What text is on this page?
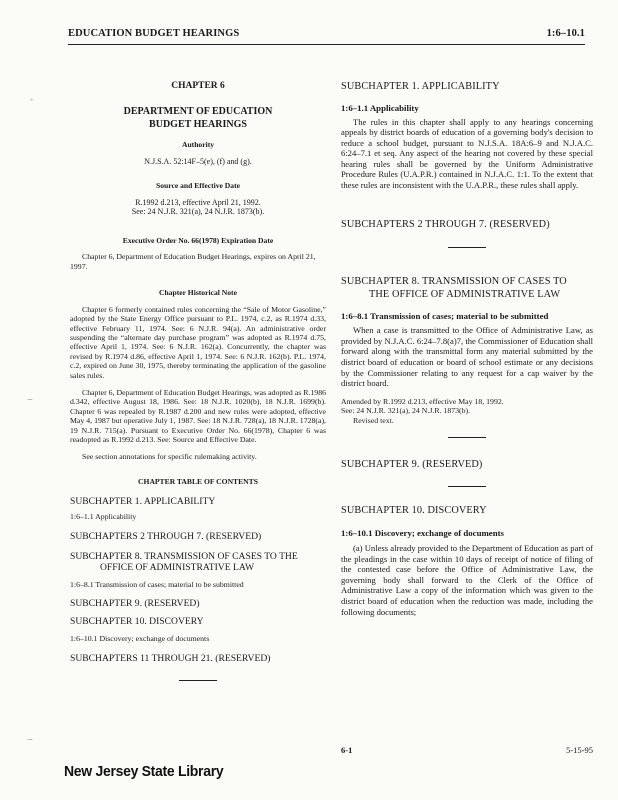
EDUCATION BUDGET HEARINGS	1:6–10.1

CHAPTER 6

DEPARTMENT OF EDUCATION
BUDGET HEARINGS

Authority

N.J.S.A. 52:14F–5(e), (f) and (g).

Source and Effective Date

R.1992 d.213, effective April 21, 1992.
See: 24 N.J.R. 321(a), 24 N.J.R. 1873(b).

Executive Order No. 66(1978) Expiration Date

Chapter 6, Department of Education Budget Hearings, expires on April 21, 1997.

Chapter Historical Note

Chapter 6 formerly contained rules concerning the “Sale of Motor Gasoline,” adopted by the State Energy Office pursuant to P.L. 1974, c.2, as R.1974 d.33, effective February 11, 1974. See: 6 N.J.R. 94(a). An administrative order suspending the “alternate day purchase program” was adopted as R.1974 d.75, effective April 1, 1974. See: 6 N.J.R. 162(a). Concurrently, the chapter was revised by R.1974 d.86, effective April 1, 1974. See: 6 N.J.R. 162(b). P.L. 1974, c.2, expired on June 30, 1975, thereby terminating the application of the gasoline sales rules.

Chapter 6, Department of Education Budget Hearings, was adopted as R.1986 d.342, effective August 18, 1986. See: 18 N.J.R. 1020(b), 18 N.J.R. 1699(b). Chapter 6 was repealed by R.1987 d.200 and new rules were adopted, effective May 4, 1987 but operative July 1, 1987. See: 18 N.J.R. 728(a), 18 N.J.R. 1728(a), 19 N.J.R. 715(a). Pursuant to Executive Order No. 66(1978), Chapter 6 was readopted as R.1992 d.213. See: Source and Effective Date.

See section annotations for specific rulemaking activity.

CHAPTER TABLE OF CONTENTS

SUBCHAPTER 1. APPLICABILITY

1:6–1.1 Applicability

SUBCHAPTERS 2 THROUGH 7. (RESERVED)

SUBCHAPTER 8. TRANSMISSION OF CASES TO THE
OFFICE OF ADMINISTRATIVE LAW

1:6–8.1 Transmission of cases; material to be submitted

SUBCHAPTER 9. (RESERVED)

SUBCHAPTER 10. DISCOVERY

1:6–10.1 Discovery; exchange of documents

SUBCHAPTERS 11 THROUGH 21. (RESERVED)

SUBCHAPTER 1. APPLICABILITY

1:6–1.1 Applicability

The rules in this chapter shall apply to any hearings concerning appeals by district boards of education of a governing body's decision to reduce a school budget, pursuant to N.J.S.A. 18A:6–9 and N.J.A.C. 6:24–7.1 et seq. Any aspect of the hearing not covered by these special hearing rules shall be governed by the Uniform Administrative Procedure Rules (U.A.P.R.) contained in N.J.A.C. 1:1. To the extent that these rules are inconsistent with the U.A.P.R., these rules shall apply.

SUBCHAPTERS 2 THROUGH 7. (RESERVED)

SUBCHAPTER 8. TRANSMISSION OF CASES TO
THE OFFICE OF ADMINISTRATIVE LAW

1:6–8.1 Transmission of cases; material to be submitted

When a case is transmitted to the Office of Administrative Law, as provided by N.J.A.C. 6:24–7.8(a)7, the Commissioner of Education shall forward along with the transmittal form any material submitted by the district board of education or board of school estimate or any decisions by the Commissioner relating to any request for a cap waiver by the district board.

Amended by R.1992 d.213, effective May 18, 1992.
See: 24 N.J.R. 321(a), 24 N.J.R. 1873(b).
Revised text.

SUBCHAPTER 9. (RESERVED)

SUBCHAPTER 10. DISCOVERY

1:6–10.1 Discovery; exchange of documents

(a) Unless already provided to the Department of Education as part of the pleadings in the case within 10 days of receipt of notice of filing of the contested case before the Office of Administrative Law, the governing body shall forward to the Clerk of the Office of Administrative Law a copy of the information which was given to the district board of education when the reduction was made, including the following documents;

6-1	5-15-95
New Jersey State Library
‐
⌣
⌣
